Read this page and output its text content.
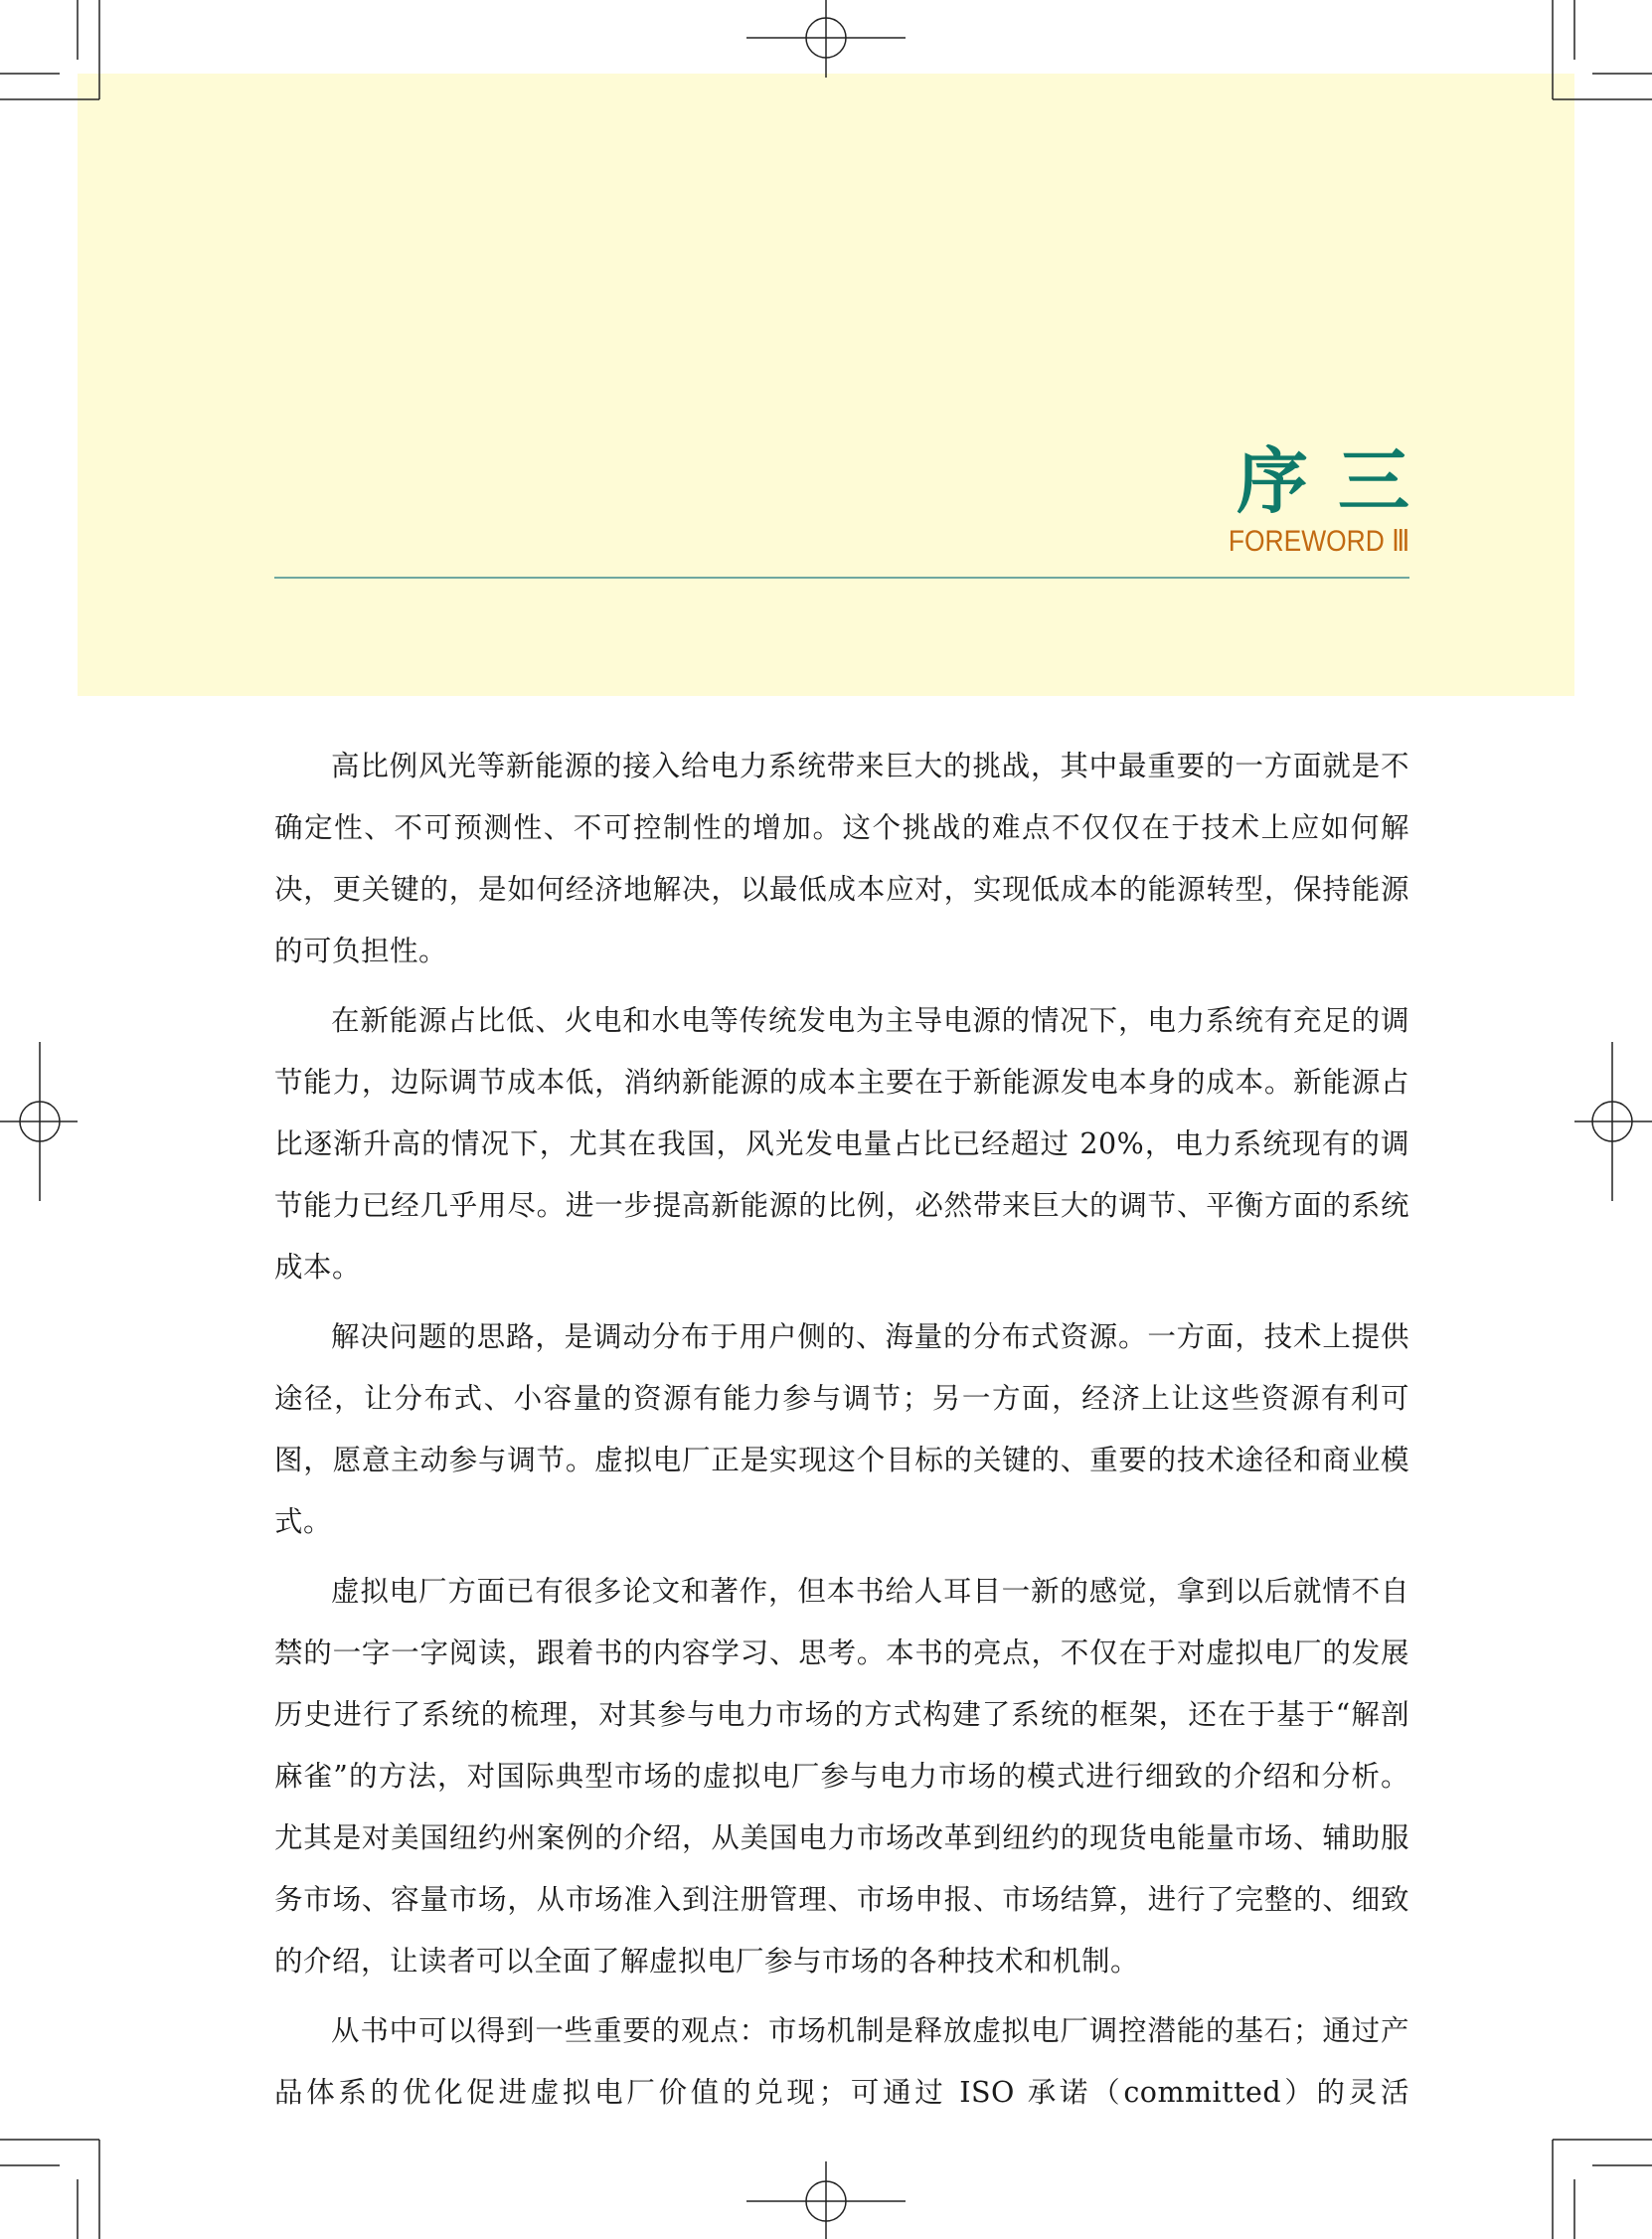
序三
FOREWORD Ⅲ

高比例风光等新能源的接入给电力系统带来巨大的挑战，其中最重要的一方面就是不确定性、不可预测性、不可控制性的增加。这个挑战的难点不仅仅在于技术上应如何解决，更关键的，是如何经济地解决，以最低成本应对，实现低成本的能源转型，保持能源的可负担性。

在新能源占比低、火电和水电等传统发电为主导电源的情况下，电力系统有充足的调节能力，边际调节成本低，消纳新能源的成本主要在于新能源发电本身的成本。新能源占比逐渐升高的情况下，尤其在我国，风光发电量占比已经超过 20%，电力系统现有的调节能力已经几乎用尽。进一步提高新能源的比例，必然带来巨大的调节、平衡方面的系统成本。

解决问题的思路，是调动分布于用户侧的、海量的分布式资源。一方面，技术上提供途径，让分布式、小容量的资源有能力参与调节；另一方面，经济上让这些资源有利可图，愿意主动参与调节。虚拟电厂正是实现这个目标的关键的、重要的技术途径和商业模式。

虚拟电厂方面已有很多论文和著作，但本书给人耳目一新的感觉，拿到以后就情不自禁的一字一字阅读，跟着书的内容学习、思考。本书的亮点，不仅在于对虚拟电厂的发展历史进行了系统的梳理，对其参与电力市场的方式构建了系统的框架，还在于基于“解剖麻雀”的方法，对国际典型市场的虚拟电厂参与电力市场的模式进行细致的介绍和分析。尤其是对美国纽约州案例的介绍，从美国电力市场改革到纽约的现货电能量市场、辅助服务市场、容量市场，从市场准入到注册管理、市场申报、市场结算，进行了完整的、细致的介绍，让读者可以全面了解虚拟电厂参与市场的各种技术和机制。

从书中可以得到一些重要的观点：市场机制是释放虚拟电厂调控潜能的基石；通过产品体系的优化促进虚拟电厂价值的兑现；可通过 ISO 承诺（committed）的灵活
